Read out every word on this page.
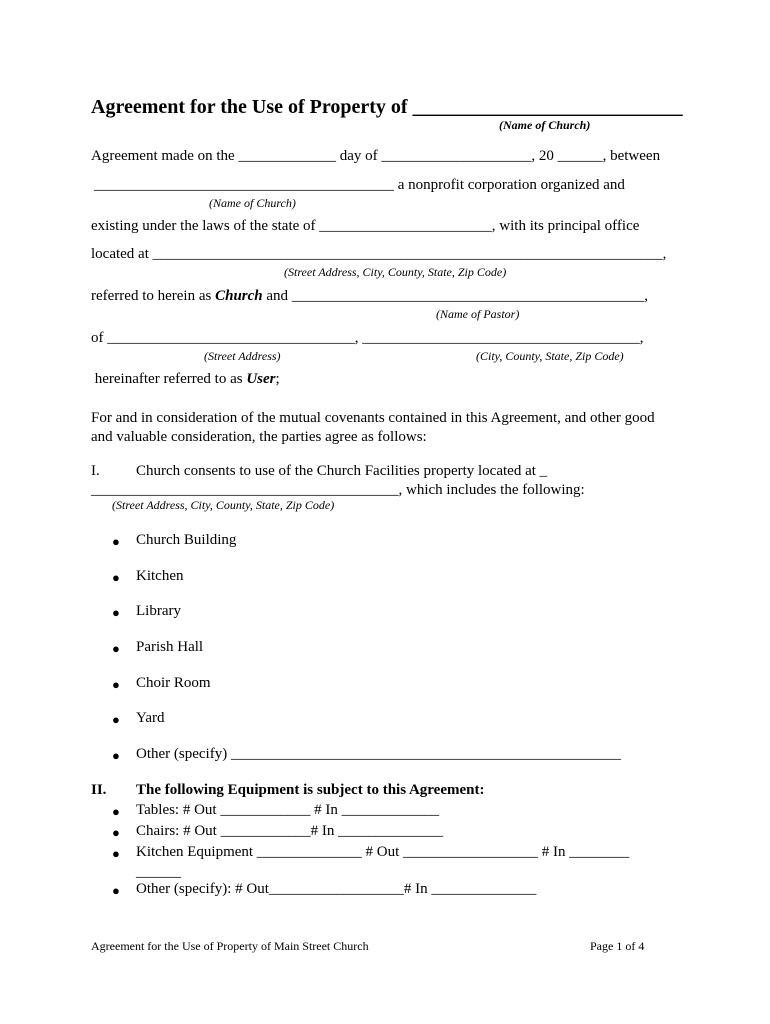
Agreement for the Use of Property of ___________________________
(Name of Church)
Agreement made on the _____________ day of ____________________, 20 ______, between
________________________________________ a nonprofit corporation organized and
(Name of Church)
existing under the laws of the state of _______________________, with its principal office
located at ____________________________________________________________________,
(Street Address, City, County, State, Zip Code)
referred to herein as Church and _______________________________________________,
(Name of Pastor)
of _________________________________, _____________________________________,
(Street Address)	(City, County, State, Zip Code)
hereinafter referred to as User;
For and in consideration of the mutual covenants contained in this Agreement, and other good
and valuable consideration, the parties agree as follows:
I. Church consents to use of the Church Facilities property located at _
_________________________________________, which includes the following:
(Street Address, City, County, State, Zip Code)
● Church Building
● Kitchen
● Library
● Parish Hall
● Choir Room
● Yard
● Other (specify) ____________________________________________________
II. The following Equipment is subject to this Agreement:
● Tables: # Out ____________ # In _____________
● Chairs: # Out ____________# In ______________
● Kitchen Equipment ______________ # Out __________________ # In ________
______
● Other (specify): # Out__________________# In ______________
Agreement for the Use of Property of Main Street Church	Page 1 of 4
